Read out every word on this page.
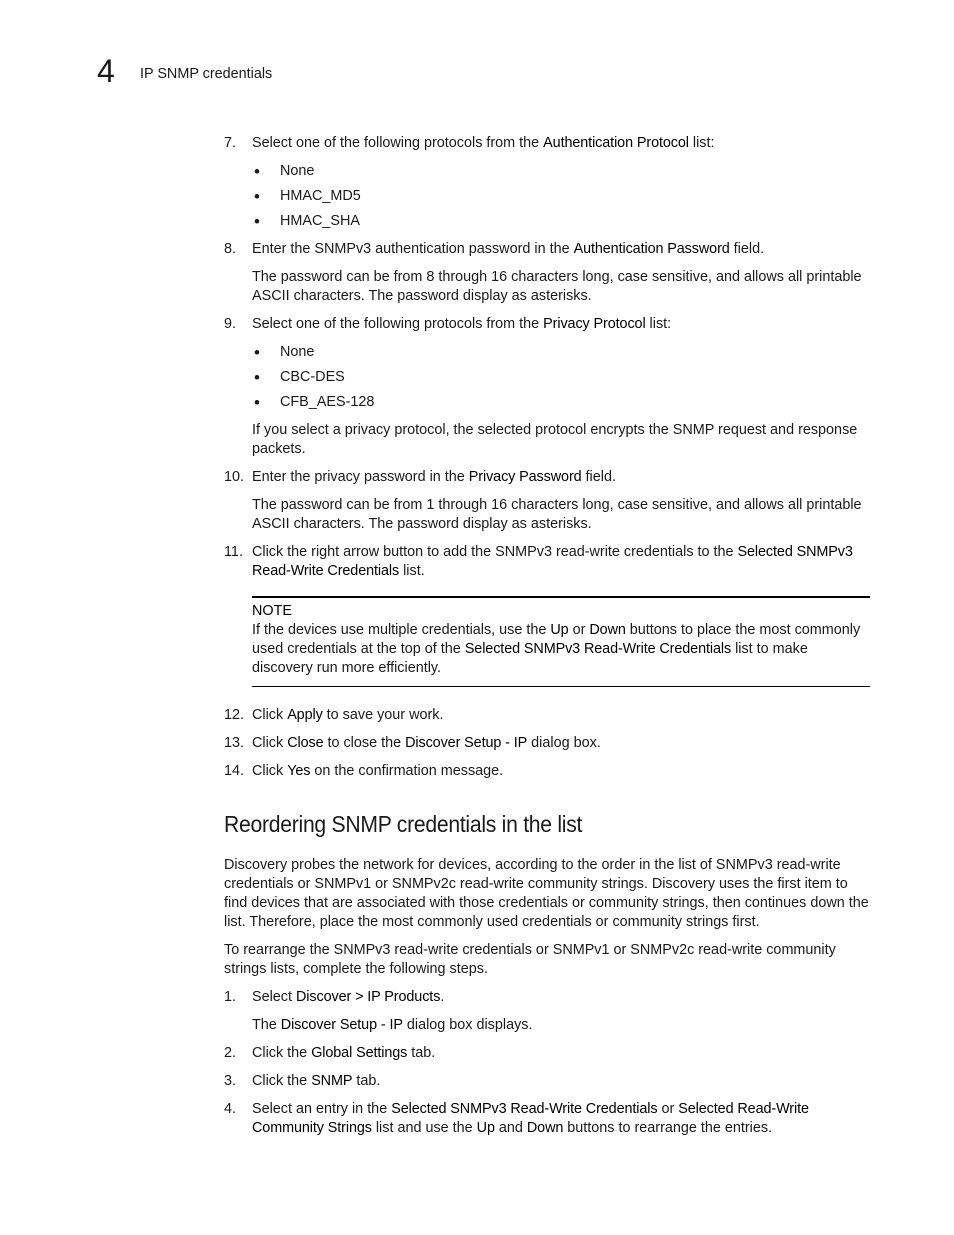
4 IP SNMP credentials
7.	Select one of the following protocols from the Authentication Protocol list:
• None
• HMAC_MD5
• HMAC_SHA
8.	Enter the SNMPv3 authentication password in the Authentication Password field.
The password can be from 8 through 16 characters long, case sensitive, and allows all printable ASCII characters. The password display as asterisks.
9.	Select one of the following protocols from the Privacy Protocol list:
• None
• CBC-DES
• CFB_AES-128
If you select a privacy protocol, the selected protocol encrypts the SNMP request and response packets.
10. Enter the privacy password in the Privacy Password field.
The password can be from 1 through 16 characters long, case sensitive, and allows all printable ASCII characters. The password display as asterisks.
11. Click the right arrow button to add the SNMPv3 read-write credentials to the Selected SNMPv3 Read-Write Credentials list.
NOTE
If the devices use multiple credentials, use the Up or Down buttons to place the most commonly used credentials at the top of the Selected SNMPv3 Read-Write Credentials list to make discovery run more efficiently.
12. Click Apply to save your work.
13. Click Close to close the Discover Setup - IP dialog box.
14. Click Yes on the confirmation message.
Reordering SNMP credentials in the list

Discovery probes the network for devices, according to the order in the list of SNMPv3 read-write credentials or SNMPv1 or SNMPv2c read-write community strings. Discovery uses the first item to find devices that are associated with those credentials or community strings, then continues down the list. Therefore, place the most commonly used credentials or community strings first.

To rearrange the SNMPv3 read-write credentials or SNMPv1 or SNMPv2c read-write community strings lists, complete the following steps.

1.	Select Discover > IP Products.
The Discover Setup - IP dialog box displays.
2.	Click the Global Settings tab.
3.	Click the SNMP tab.
4.	Select an entry in the Selected SNMPv3 Read-Write Credentials or Selected Read-Write Community Strings list and use the Up and Down buttons to rearrange the entries.
